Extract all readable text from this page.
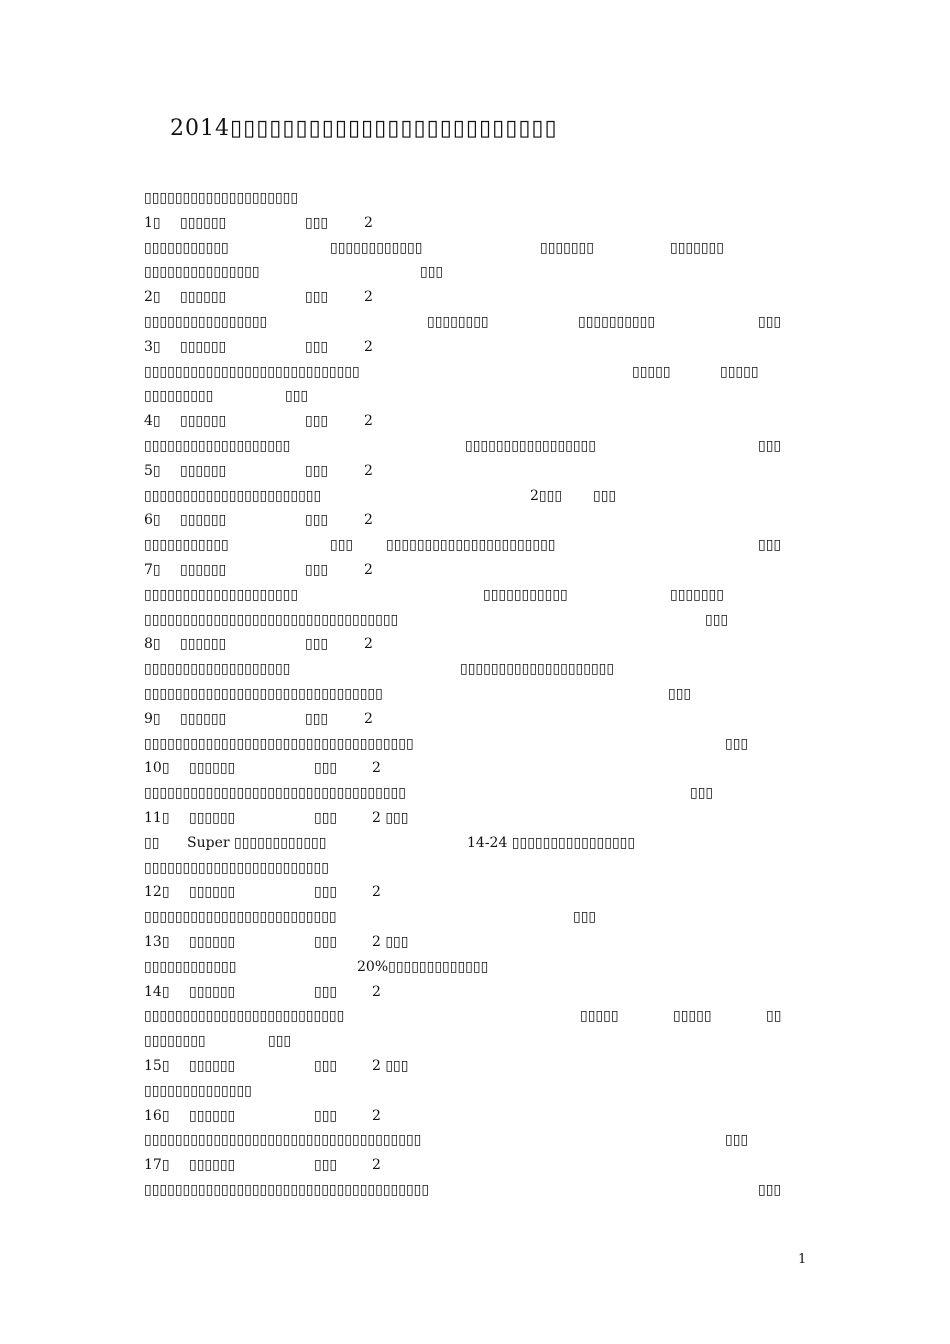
2014▯▯▯▯▯▯▯▯▯▯▯▯▯▯▯▯▯▯▯▯▯▯▯▯▯
▯▯▯▯▯▯▯▯▯▯▯▯▯▯▯▯▯▯▯▯
1▯ ▯▯▯▯▯▯	▯▯▯	2
▯▯▯▯▯▯▯▯▯▯▯	▯▯▯▯▯▯▯▯▯▯▯▯	▯▯▯▯▯▯▯	▯▯▯▯▯▯▯
▯▯▯▯▯▯▯▯▯▯▯▯▯▯▯	▯▯▯
2▯ ▯▯▯▯▯▯	▯▯▯	2
▯▯▯▯▯▯▯▯▯▯▯▯▯▯▯▯	▯▯▯▯▯▯▯▯	▯▯▯▯▯▯▯▯▯▯	▯▯▯
3▯ ▯▯▯▯▯▯	▯▯▯	2
▯▯▯▯▯▯▯▯▯▯▯▯▯▯▯▯▯▯▯▯▯▯▯▯▯▯▯▯	▯▯▯▯▯	▯▯▯▯▯
▯▯▯▯▯▯▯▯▯	▯▯▯
4▯ ▯▯▯▯▯▯	▯▯▯	2
▯▯▯▯▯▯▯▯▯▯▯▯▯▯▯▯▯▯▯	▯▯▯▯▯▯▯▯▯▯▯▯▯▯▯▯▯	▯▯▯
5▯ ▯▯▯▯▯▯	▯▯▯	2
▯▯▯▯▯▯▯▯▯▯▯▯▯▯▯▯▯▯▯▯▯▯▯	2▯▯▯ ▯▯▯
6▯ ▯▯▯▯▯▯	▯▯▯	2
▯▯▯▯▯▯▯▯▯▯▯	▯▯▯ ▯▯▯▯▯▯▯▯▯▯▯▯▯▯▯▯▯▯▯▯▯▯	▯▯▯
7▯ ▯▯▯▯▯▯	▯▯▯	2
▯▯▯▯▯▯▯▯▯▯▯▯▯▯▯▯▯▯▯▯	▯▯▯▯▯▯▯▯▯▯▯	▯▯▯▯▯▯▯
▯▯▯▯▯▯▯▯▯▯▯▯▯▯▯▯▯▯▯▯▯▯▯▯▯▯▯▯▯▯▯▯▯	▯▯▯
8▯ ▯▯▯▯▯▯	▯▯▯	2
▯▯▯▯▯▯▯▯▯▯▯▯▯▯▯▯▯▯▯	▯▯▯▯▯▯▯▯▯▯▯▯▯▯▯▯▯▯▯▯
▯▯▯▯▯▯▯▯▯▯▯▯▯▯▯▯▯▯▯▯▯▯▯▯▯▯▯▯▯▯▯	▯▯▯
9▯ ▯▯▯▯▯▯	▯▯▯	2
▯▯▯▯▯▯▯▯▯▯▯▯▯▯▯▯▯▯▯▯▯▯▯▯▯▯▯▯▯▯▯▯▯▯▯	▯▯▯
10▯ ▯▯▯▯▯▯	▯▯▯ 2
▯▯▯▯▯▯▯▯▯▯▯▯▯▯▯▯▯▯▯▯▯▯▯▯▯▯▯▯▯▯▯▯▯▯	▯▯▯
11▯ ▯▯▯▯▯▯	▯▯▯ 2 ▯▯▯
▯▯ Super ▯▯▯▯▯▯▯▯▯▯▯▯	14-24 ▯▯▯▯▯▯▯▯▯▯▯▯▯▯▯▯
▯▯▯▯▯▯▯▯▯▯▯▯▯▯▯▯▯▯▯▯▯▯▯▯
12▯ ▯▯▯▯▯▯	▯▯▯ 2
▯▯▯▯▯▯▯▯▯▯▯▯▯▯▯▯▯▯▯▯▯▯▯▯▯	▯▯▯
13▯ ▯▯▯▯▯▯	▯▯▯ 2 ▯▯▯
▯▯▯▯▯▯▯▯▯▯▯▯	20%▯▯▯▯▯▯▯▯▯▯▯▯▯
14▯ ▯▯▯▯▯▯	▯▯▯ 2
▯▯▯▯▯▯▯▯▯▯▯▯▯▯▯▯▯▯▯▯▯▯▯▯▯▯	▯▯▯▯▯	▯▯▯▯▯	▯▯
▯▯▯▯▯▯▯▯	▯▯▯
15▯ ▯▯▯▯▯▯	▯▯▯ 2 ▯▯▯
▯▯▯▯▯▯▯▯▯▯▯▯▯▯
16▯ ▯▯▯▯▯▯	▯▯▯ 2
▯▯▯▯▯▯▯▯▯▯▯▯▯▯▯▯▯▯▯▯▯▯▯▯▯▯▯▯▯▯▯▯▯▯▯▯	▯▯▯
17▯ ▯▯▯▯▯▯	▯▯▯ 2
▯▯▯▯▯▯▯▯▯▯▯▯▯▯▯▯▯▯▯▯▯▯▯▯▯▯▯▯▯▯▯▯▯▯▯▯▯	▯▯▯
1
